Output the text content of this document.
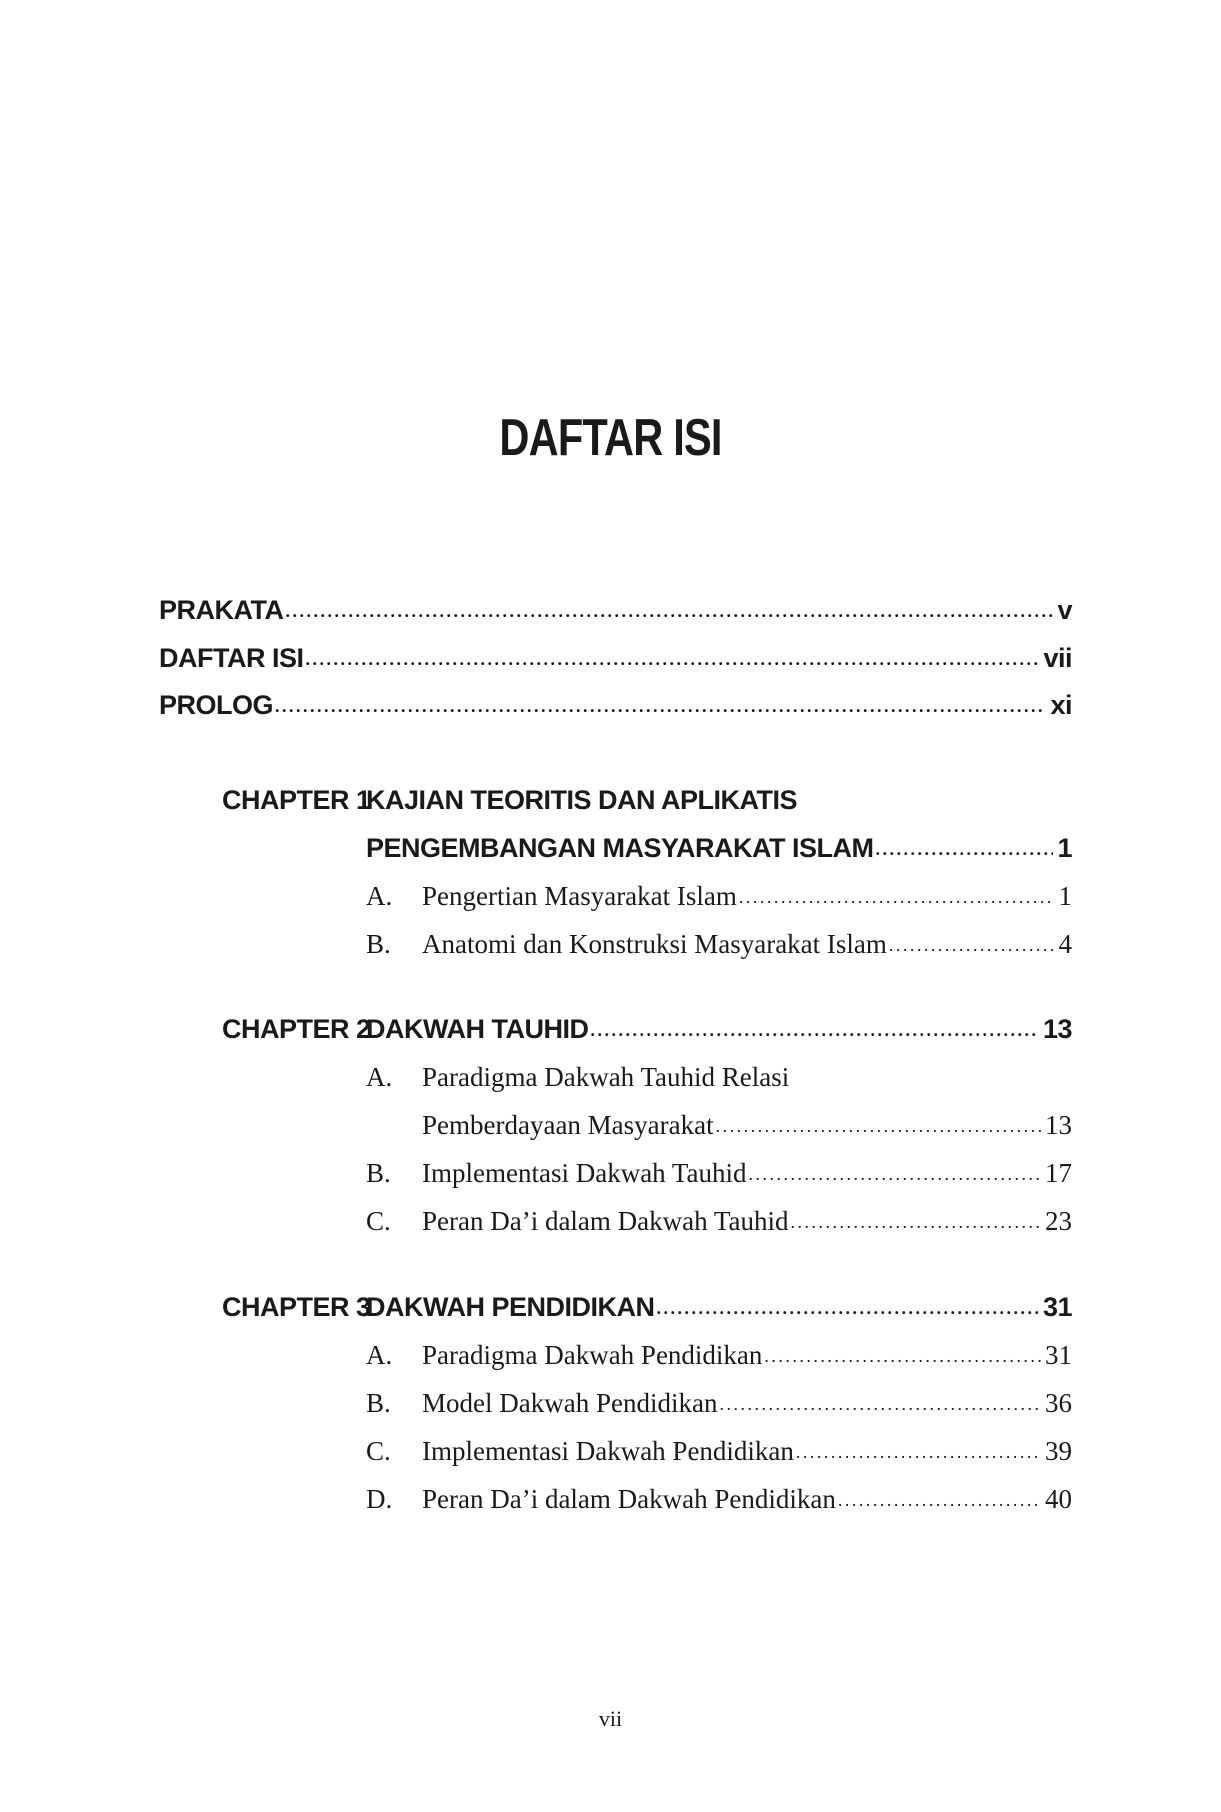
DAFTAR ISI
PRAKATA . . .	v
DAFTAR ISI . . .	vii
PROLOG . . .	xi
CHAPTER 1
KAJIAN TEORITIS DAN APLIKATIS
PENGEMBANGAN MASYARAKAT ISLAM . . .	1
A.	Pengertian Masyarakat Islam . . .	1
B.	Anatomi dan Konstruksi Masyarakat Islam . . .	4
CHAPTER 2
DAKWAH TAUHID . . .	13
A.	Paradigma Dakwah Tauhid Relasi
Pemberdayaan Masyarakat . . .	13
B.	Implementasi Dakwah Tauhid . . .	17
C.	Peran Da’i dalam Dakwah Tauhid . . .	23
CHAPTER 3
DAKWAH PENDIDIKAN . . .	31
A.	Paradigma Dakwah Pendidikan . . .	31
B.	Model Dakwah Pendidikan . . .	36
C.	Implementasi Dakwah Pendidikan . . .	39
D.	Peran Da’i dalam Dakwah Pendidikan . . .	40
vii
